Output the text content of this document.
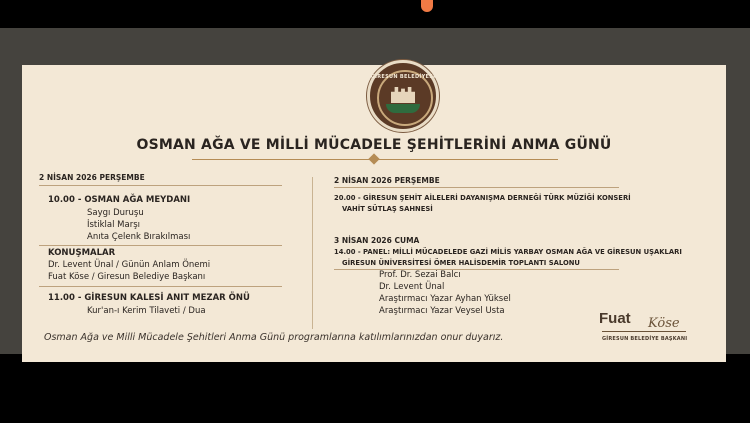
GİRESUN BELEDİYESİ
OSMAN AĞA VE MİLLİ MÜCADELE ŞEHİTLERİNİ ANMA GÜNÜ
2 NİSAN 2026 PERŞEMBE
10.00 - OSMAN AĞA MEYDANI
Saygı Duruşu
İstiklal Marşı
Anıta Çelenk Bırakılması
KONUŞMALAR
Dr. Levent Ünal / Günün Anlam Önemi
Fuat Köse / Giresun Belediye Başkanı
11.00 - GİRESUN KALESİ ANIT MEZAR ÖNÜ
Kur'an-ı Kerim Tilaveti / Dua
2 NİSAN 2026 PERŞEMBE
20.00 - GİRESUN ŞEHİT AİLELERİ DAYANIŞMA DERNEĞİ TÜRK MÜZİĞİ KONSERİ
VAHİT SÜTLAŞ SAHNESİ
3 NİSAN 2026 CUMA
14.00 - PANEL: MİLLİ MÜCADELEDE GAZİ MİLİS YARBAY OSMAN AĞA VE GİRESUN UŞAKLARI
GİRESUN ÜNİVERSİTESİ ÖMER HALİSDEMİR TOPLANTI SALONU
Prof. Dr. Sezai Balcı
Dr. Levent Ünal
Araştırmacı Yazar Ayhan Yüksel
Araştırmacı Yazar Veysel Usta
Osman Ağa ve Milli Mücadele Şehitleri Anma Günü programlarına katılımlarınızdan onur duyarız.
Fuat Köse
GİRESUN BELEDİYE BAŞKANI
